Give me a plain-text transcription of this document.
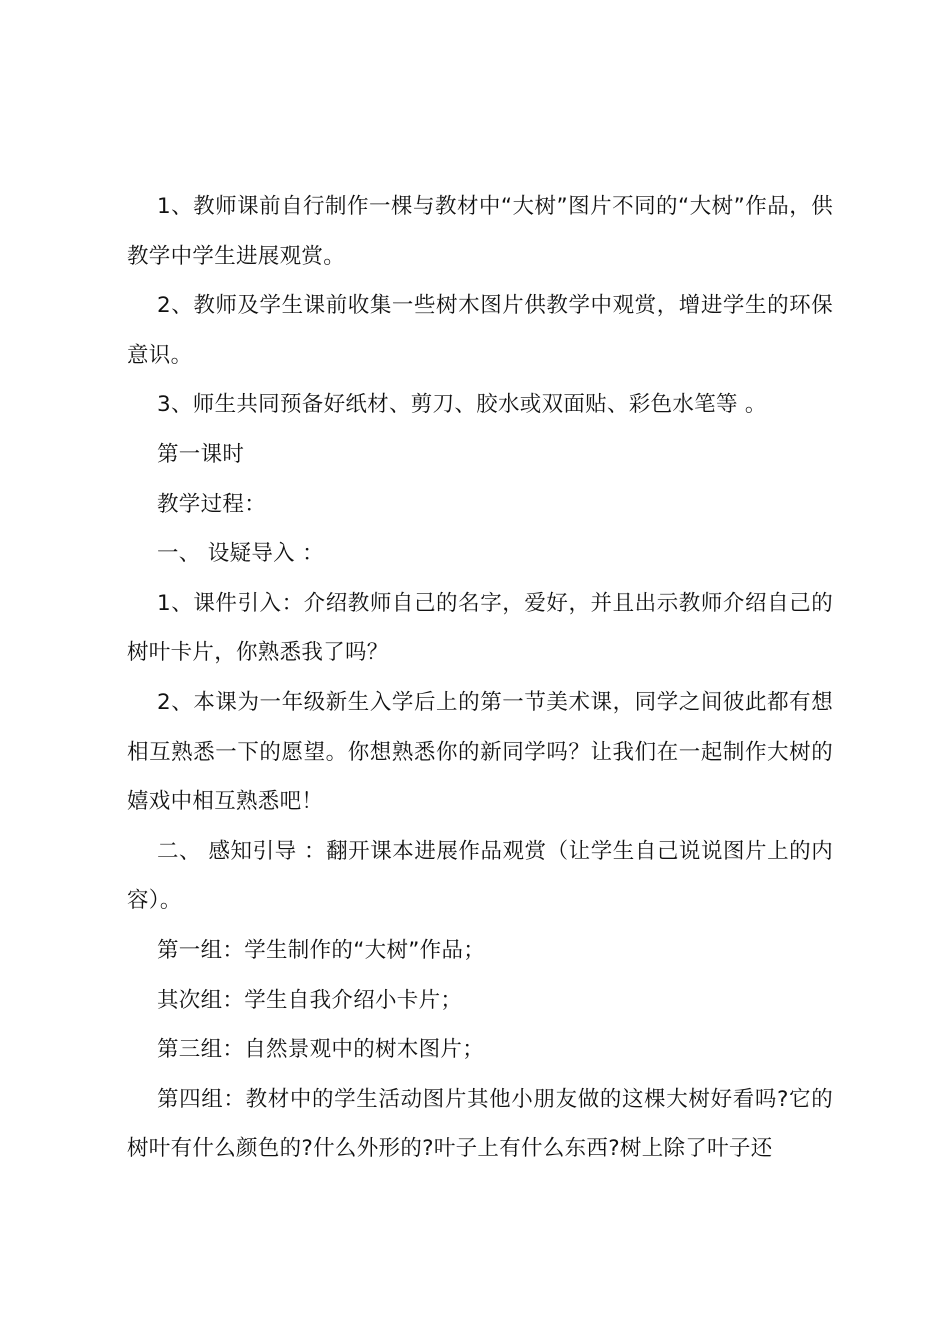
1、教师课前自行制作一棵与教材中“大树”图片不同的“大树”作品，供教学中学生进展观赏。

2、教师及学生课前收集一些树木图片供教学中观赏，增进学生的环保意识。

3、师生共同预备好纸材、剪刀、胶水或双面贴、彩色水笔等 。

第一课时

教学过程：

一、 设疑导入 ：

1、课件引入：介绍教师自己的名字，爱好，并且出示教师介绍自己的树叶卡片，你熟悉我了吗？

2、本课为一年级新生入学后上的第一节美术课，同学之间彼此都有想相互熟悉一下的愿望。你想熟悉你的新同学吗？让我们在一起制作大树的嬉戏中相互熟悉吧！

二、 感知引导 ：翻开课本进展作品观赏（让学生自己说说图片上的内容）。

第一组：学生制作的“大树”作品；

其次组：学生自我介绍小卡片；

第三组：自然景观中的树木图片；

第四组：教材中的学生活动图片其他小朋友做的这棵大树好看吗?它的树叶有什么颜色的?什么外形的?叶子上有什么东西?树上除了叶子还
